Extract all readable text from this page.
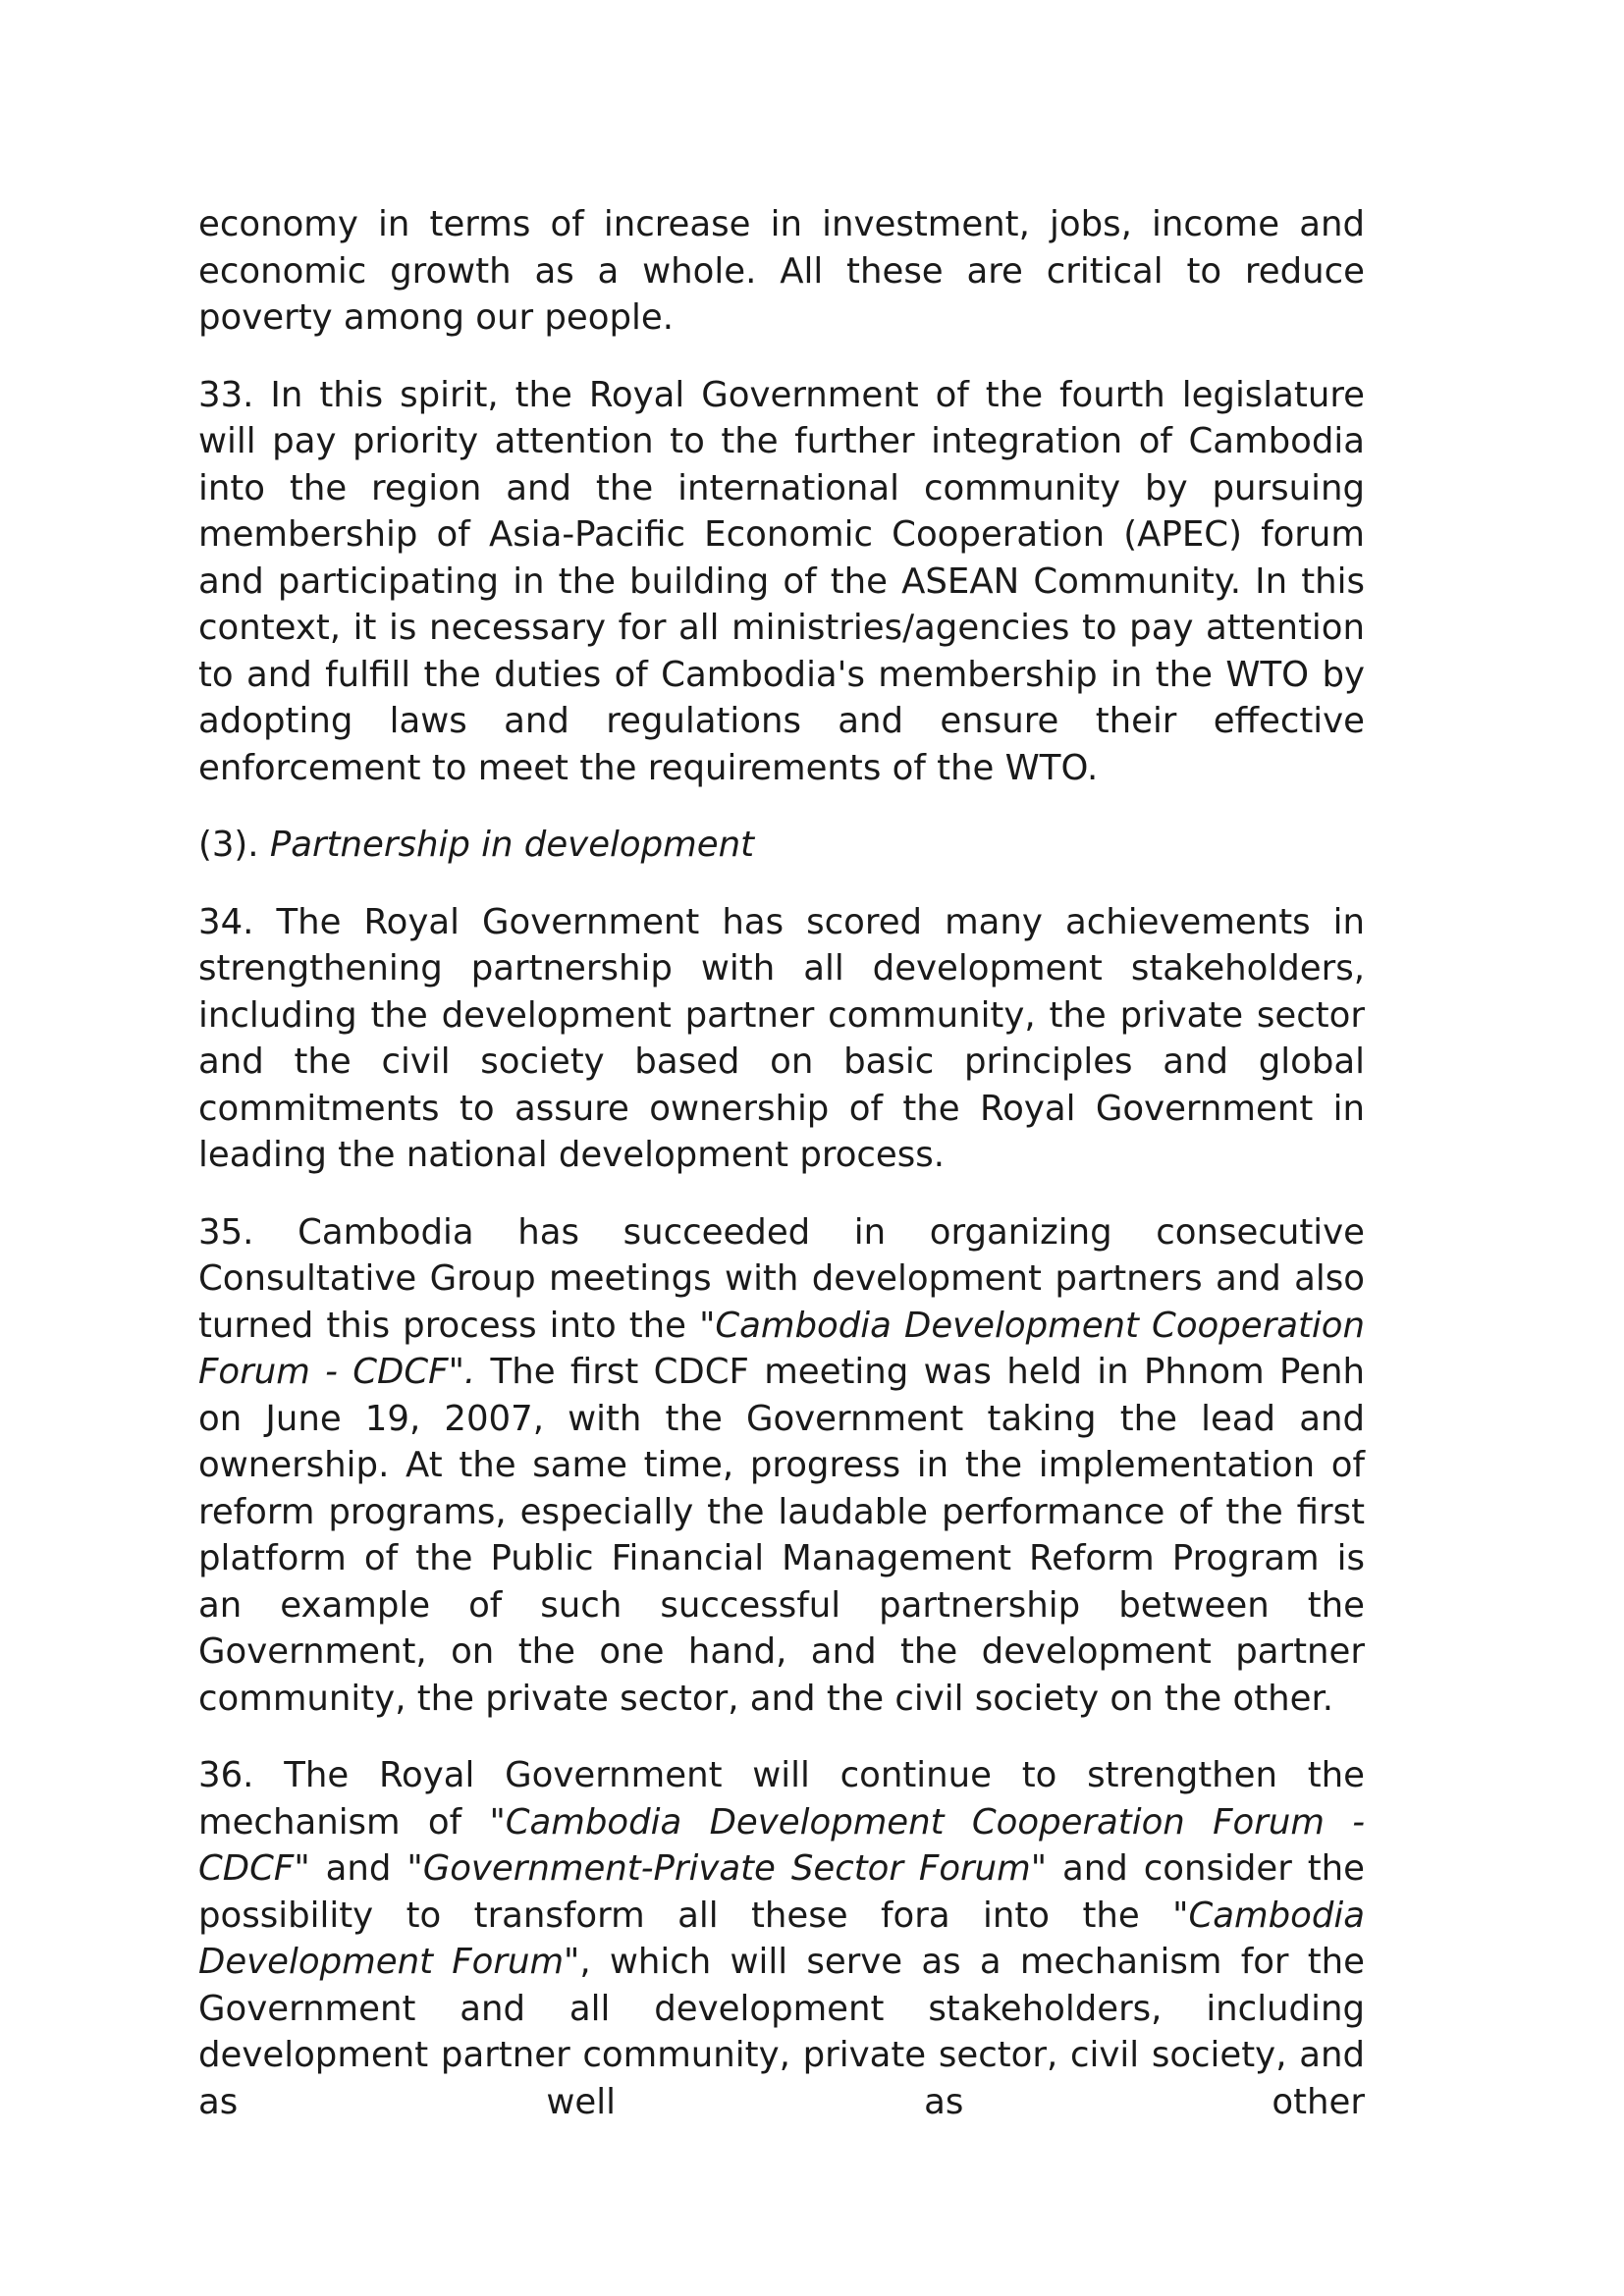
economy in terms of increase in investment, jobs, income and economic growth as a whole. All these are critical to reduce poverty among our people.

33. In this spirit, the Royal Government of the fourth legislature will pay priority attention to the further integration of Cambodia into the region and the international community by pursuing membership of Asia-Pacific Economic Cooperation (APEC) forum and participating in the building of the ASEAN Community. In this context, it is necessary for all ministries/agencies to pay attention to and fulfill the duties of Cambodia's membership in the WTO by adopting laws and regulations and ensure their effective enforcement to meet the requirements of the WTO.

(3). Partnership in development

34. The Royal Government has scored many achievements in strengthening partnership with all development stakeholders, including the development partner community, the private sector and the civil society based on basic principles and global commitments to assure ownership of the Royal Government in leading the national development process.

35. Cambodia has succeeded in organizing consecutive Consultative Group meetings with development partners and also turned this process into the "Cambodia Development Cooperation Forum - CDCF". The first CDCF meeting was held in Phnom Penh on June 19, 2007, with the Government taking the lead and ownership. At the same time, progress in the implementation of reform programs, especially the laudable performance of the first platform of the Public Financial Management Reform Program is an example of such successful partnership between the Government, on the one hand, and the development partner community, the private sector, and the civil society on the other.

36. The Royal Government will continue to strengthen the mechanism of "Cambodia Development Cooperation Forum - CDCF" and "Government-Private Sector Forum" and consider the possibility to transform all these fora into the "Cambodia Development Forum", which will serve as a mechanism for the Government and all development stakeholders, including development partner community, private sector, civil society, and as well as other
